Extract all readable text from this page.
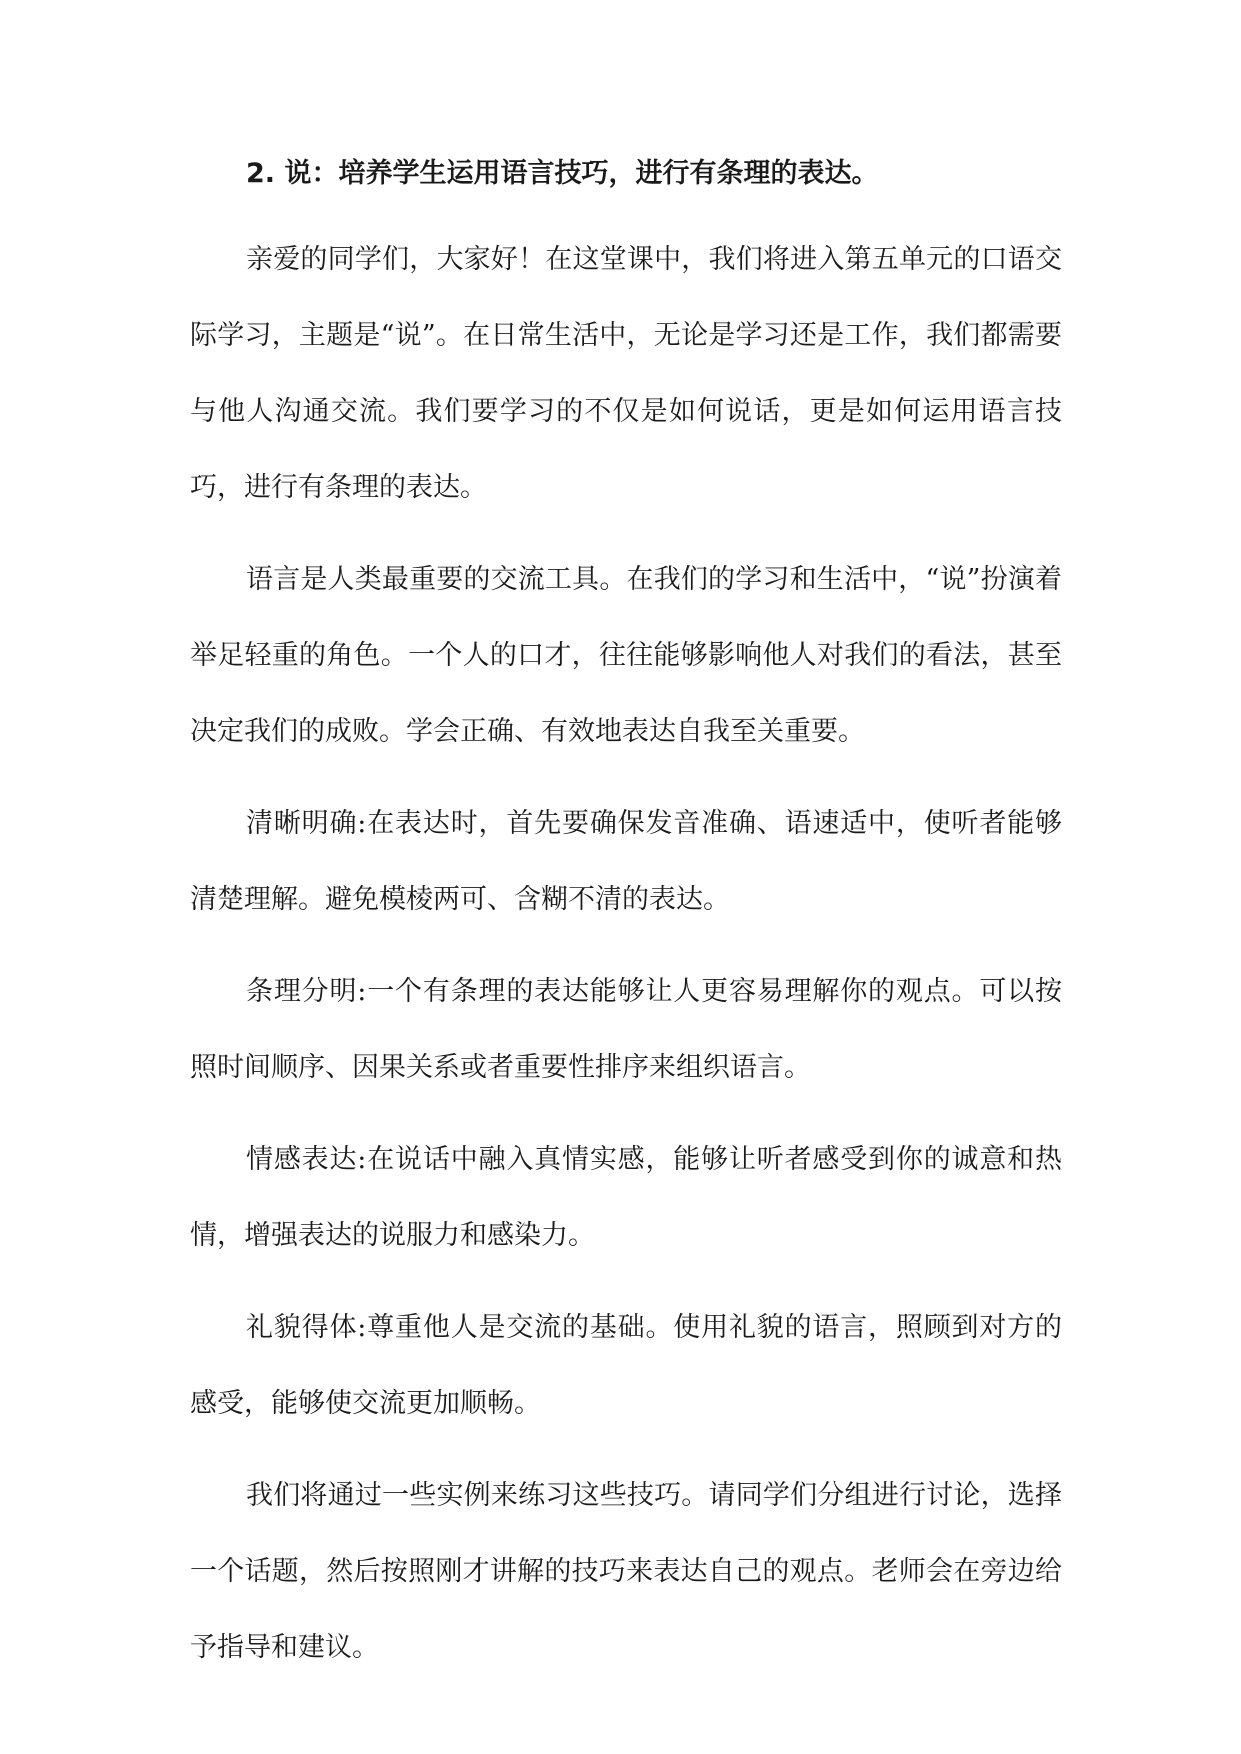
2. 说：培养学生运用语言技巧，进行有条理的表达。

亲爱的同学们，大家好！在这堂课中，我们将进入第五单元的口语交际学习，主题是“说”。在日常生活中，无论是学习还是工作，我们都需要与他人沟通交流。我们要学习的不仅是如何说话，更是如何运用语言技巧，进行有条理的表达。

语言是人类最重要的交流工具。在我们的学习和生活中，“说”扮演着举足轻重的角色。一个人的口才，往往能够影响他人对我们的看法，甚至决定我们的成败。学会正确、有效地表达自我至关重要。

清晰明确:在表达时，首先要确保发音准确、语速适中，使听者能够清楚理解。避免模棱两可、含糊不清的表达。

条理分明:一个有条理的表达能够让人更容易理解你的观点。可以按照时间顺序、因果关系或者重要性排序来组织语言。

情感表达:在说话中融入真情实感，能够让听者感受到你的诚意和热情，增强表达的说服力和感染力。

礼貌得体:尊重他人是交流的基础。使用礼貌的语言，照顾到对方的感受，能够使交流更加顺畅。

我们将通过一些实例来练习这些技巧。请同学们分组进行讨论，选择一个话题，然后按照刚才讲解的技巧来表达自己的观点。老师会在旁边给予指导和建议。
